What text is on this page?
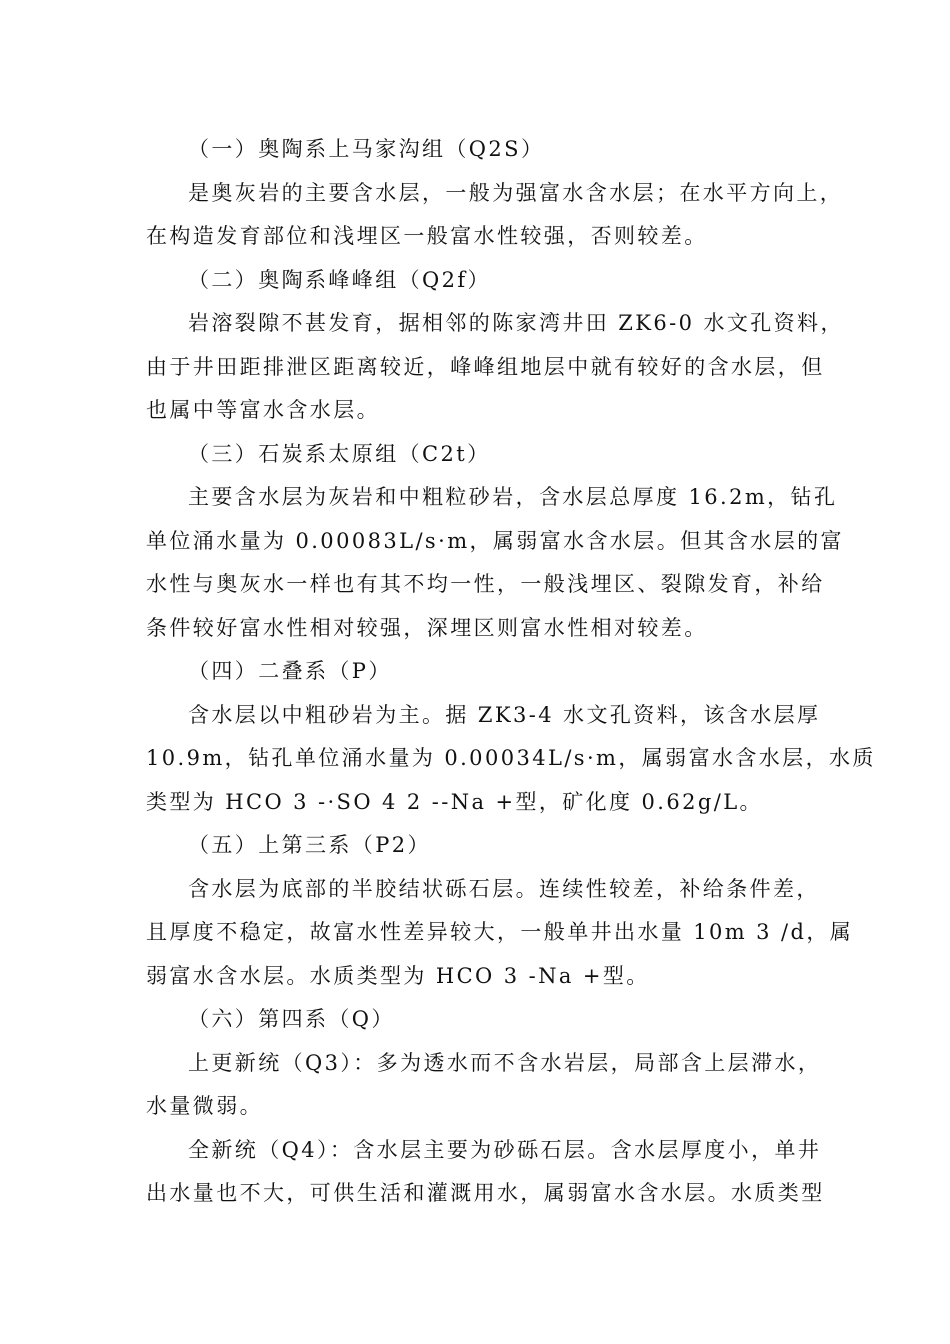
（一）奥陶系上马家沟组（Q2S）
是奥灰岩的主要含水层，一般为强富水含水层；在水平方向上，
在构造发育部位和浅埋区一般富水性较强，否则较差。
（二）奥陶系峰峰组（Q2f）
岩溶裂隙不甚发育，据相邻的陈家湾井田 ZK6-0 水文孔资料，
由于井田距排泄区距离较近，峰峰组地层中就有较好的含水层，但
也属中等富水含水层。
（三）石炭系太原组（C2t）
主要含水层为灰岩和中粗粒砂岩，含水层总厚度 16.2m，钻孔
单位涌水量为 0.00083L/s·m，属弱富水含水层。但其含水层的富
水性与奥灰水一样也有其不均一性，一般浅埋区、裂隙发育，补给
条件较好富水性相对较强，深埋区则富水性相对较差。
（四）二叠系（P）
含水层以中粗砂岩为主。据 ZK3-4 水文孔资料，该含水层厚
10.9m，钻孔单位涌水量为 0.00034L/s·m，属弱富水含水层，水质
类型为 HCO 3 -·SO 4 2 --Na +型，矿化度 0.62g/L。
（五）上第三系（P2）
含水层为底部的半胶结状砾石层。连续性较差，补给条件差，
且厚度不稳定，故富水性差异较大，一般单井出水量 10m 3 /d，属
弱富水含水层。水质类型为 HCO 3 -Na +型。
（六）第四系（Q）
上更新统（Q3）：多为透水而不含水岩层，局部含上层滞水，
水量微弱。
全新统（Q4）：含水层主要为砂砾石层。含水层厚度小，单井
出水量也不大，可供生活和灌溉用水，属弱富水含水层。水质类型
